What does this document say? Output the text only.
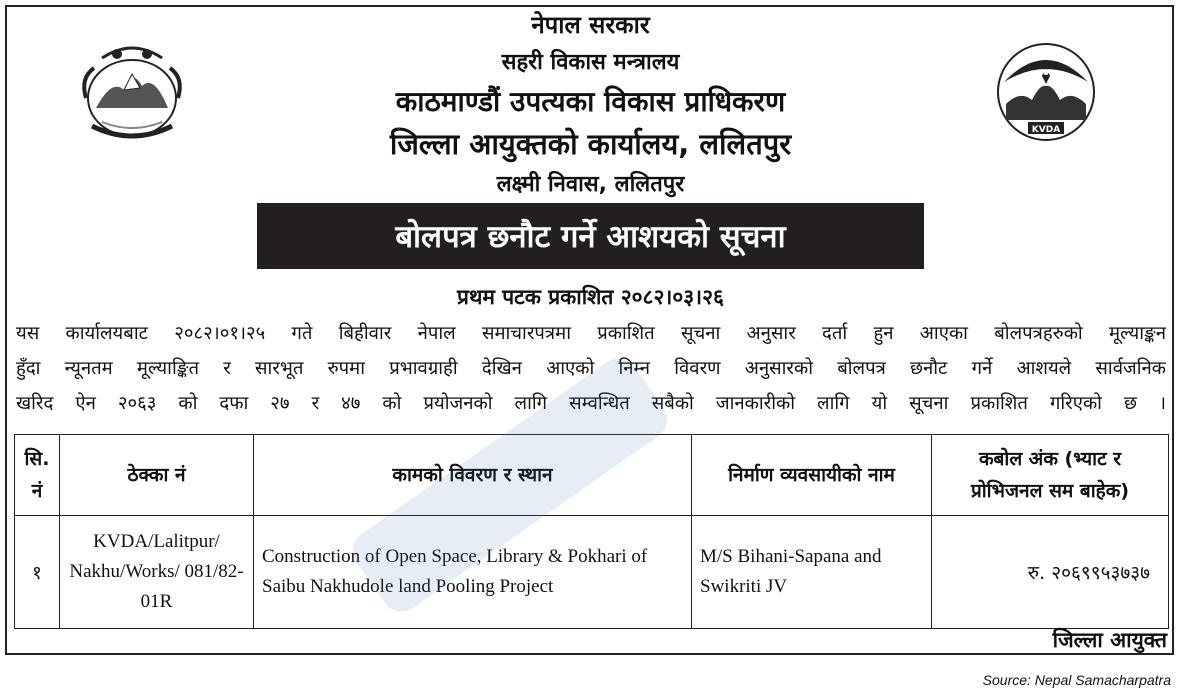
KVDA
नेपाल सरकार
सहरी विकास मन्त्रालय
काठमाण्डौं उपत्यका विकास प्राधिकरण
जिल्ला आयुक्तको कार्यालय, ललितपुर
लक्ष्मी निवास, ललितपुर
बोलपत्र छनौट गर्ने आशयको सूचना
प्रथम पटक प्रकाशित २०८२।०३।२६
यस कार्यालयबाट २०८२।०१।२५ गते बिहीवार नेपाल समाचारपत्रमा प्रकाशित सूचना अनुसार दर्ता हुन आएका बोलपत्रहरुको मूल्याङ्कन
हुँदा न्यूनतम मूल्याङ्कित र सारभूत रुपमा प्रभावग्राही देखिन आएको निम्न विवरण अनुसारको बोलपत्र छनौट गर्ने आशयले सार्वजनिक
खरिद ऐन २०६३ को दफा २७ र ४७ को प्रयोजनको लागि सम्वन्धित सबैको जानकारीको लागि यो सूचना प्रकाशित गरिएको छ ।
सि. नं	ठेक्का नं	कामको विवरण र स्थान	निर्माण व्यवसायीको नाम	कबोल अंक (भ्याट र प्रोभिजनल सम बाहेक)
१	KVDA/Lalitpur/ Nakhu/Works/ 081/82-01R	Construction of Open Space, Library & Pokhari of Saibu Nakhudole land Pooling Project	M/S Bihani-Sapana and Swikriti JV	रु. २०६९९५३७३७
जिल्ला आयुक्त
Source: Nepal Samacharpatra
